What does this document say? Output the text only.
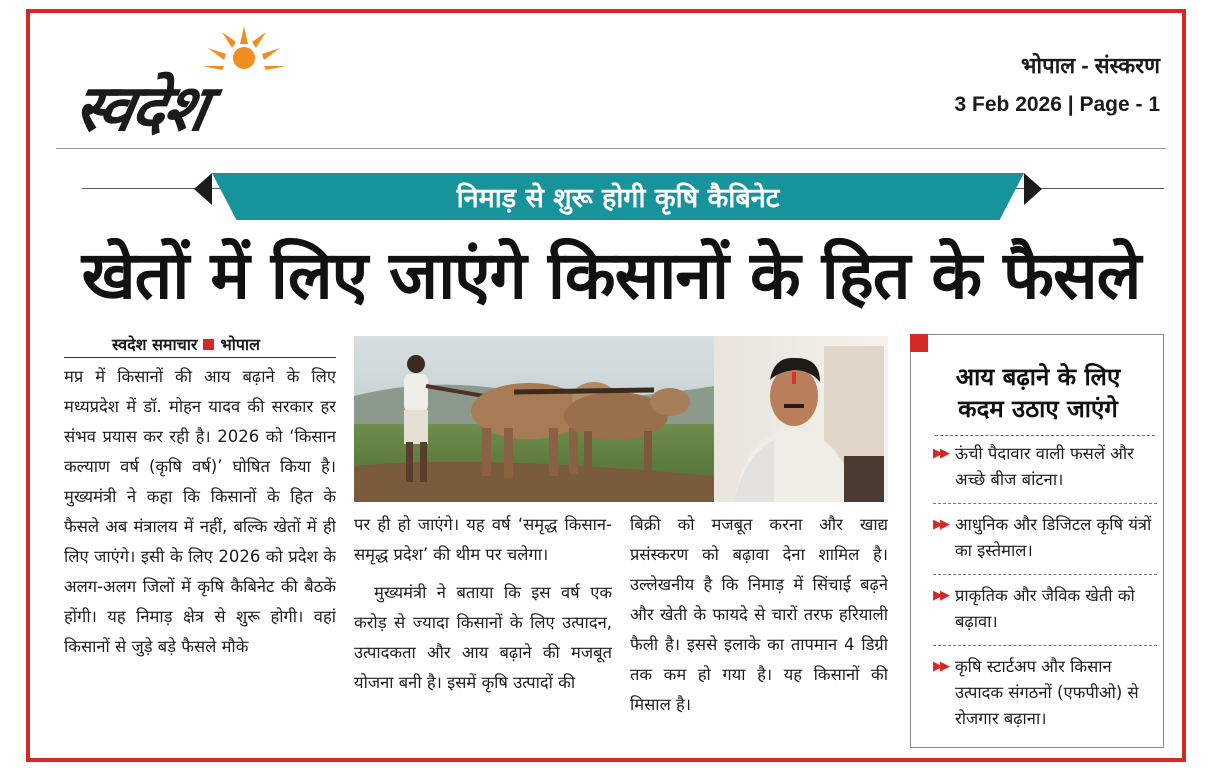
स्वदेश
भोपाल - संस्करण
3 Feb 2026 | Page - 1
निमाड़ से शुरू होगी कृषि कैबिनेट
खेतों में लिए जाएंगे किसानों के हित के फैसले
स्वदेश समाचार भोपाल

मप्र में किसानों की आय बढ़ाने के लिए मध्यप्रदेश में डॉ. मोहन यादव की सरकार हर संभव प्रयास कर रही है। 2026 को ‘किसान कल्याण वर्ष (कृषि वर्ष)’ घोषित किया है। मुख्यमंत्री ने कहा कि किसानों के हित के फैसले अब मंत्रालय में नहीं, बल्कि खेतों में ही लिए जाएंगे। इसी के लिए 2026 को प्रदेश के अलग-अलग जिलों में कृषि कैबिनेट की बैठकें होंगी। यह निमाड़ क्षेत्र से शुरू होगी। वहां किसानों से जुड़े बड़े फैसले मौके

पर ही हो जाएंगे। यह वर्ष ‘समृद्ध किसान-समृद्ध प्रदेश’ की थीम पर चलेगा।

मुख्यमंत्री ने बताया कि इस वर्ष एक करोड़ से ज्यादा किसानों के लिए उत्पादन, उत्पादकता और आय बढ़ाने की मजबूत योजना बनी है। इसमें कृषि उत्पादों की

बिक्री को मजबूत करना और खाद्य प्रसंस्करण को बढ़ावा देना शामिल है। उल्लेखनीय है कि निमाड़ में सिंचाई बढ़ने और खेती के फायदे से चारों तरफ हरियाली फैली है। इससे इलाके का तापमान 4 डिग्री तक कम हो गया है। यह किसानों की मिसाल है।

आय बढ़ाने के लिए
कदम उठाए जाएंगे
▶▶ ऊंची पैदावार वाली फसलें और अच्छे बीज बांटना।
▶▶ आधुनिक और डिजिटल कृषि यंत्रों का इस्तेमाल।
▶▶ प्राकृतिक और जैविक खेती को बढ़ावा।
▶▶ कृषि स्टार्टअप और किसान उत्पादक संगठनों (एफपीओ) से रोजगार बढ़ाना।
